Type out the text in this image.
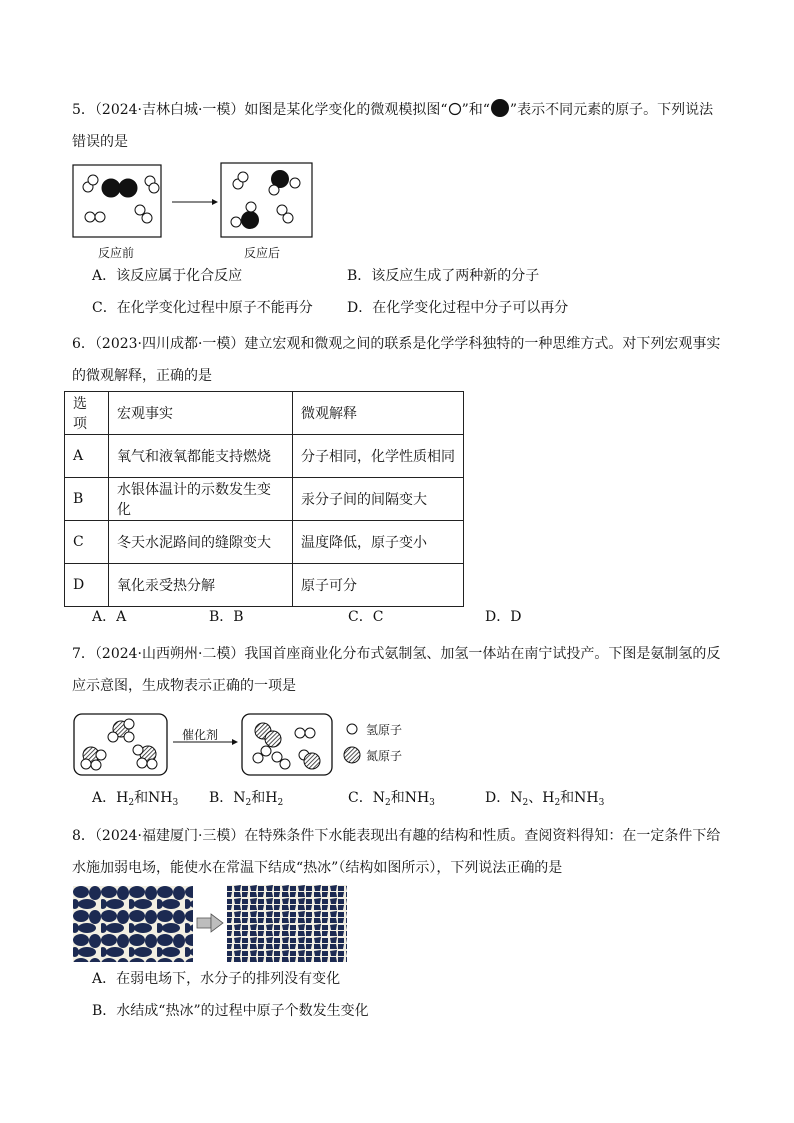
5．（2024·吉林白城·一模）如图是某化学变化的微观模拟图“ ”和“ ”表示不同元素的原子。下列说法错误的是
反应前	反应后
A．该反应属于化合反应	B．该反应生成了两种新的分子
C．在化学变化过程中原子不能再分 D．在化学变化过程中分子可以再分
6．（2023·四川成都·一模）建立宏观和微观之间的联系是化学学科独特的一种思维方式。对下列宏观事实的微观解释，正确的是
选项	宏观事实	微观解释
A	氧气和液氧都能支持燃烧	分子相同，化学性质相同
B	水银体温计的示数发生变化	汞分子间的间隔变大
C	冬天水泥路间的缝隙变大	温度降低，原子变小
D	氧化汞受热分解	原子可分
A．A	B．B	C．C	D．D
7．（2024·山西朔州·二模）我国首座商业化分布式氨制氢、加氢一体站在南宁试投产。下图是氨制氢的反应示意图，生成物表示正确的一项是
催化剂	氢原子
氮原子
A．$H_2$和$NH_3$ B．$N_2$和$H_2$	C．$N_2$和$NH_3$	D．$N_2$、$H_2$和$NH_3$
8．（2024·福建厦门·三模）在特殊条件下水能表现出有趣的结构和性质。查阅资料得知：在一定条件下给水施加弱电场，能使水在常温下结成“热冰”（结构如图所示），下列说法正确的是
A．在弱电场下，水分子的排列没有变化
B．水结成“热冰”的过程中原子个数发生变化
